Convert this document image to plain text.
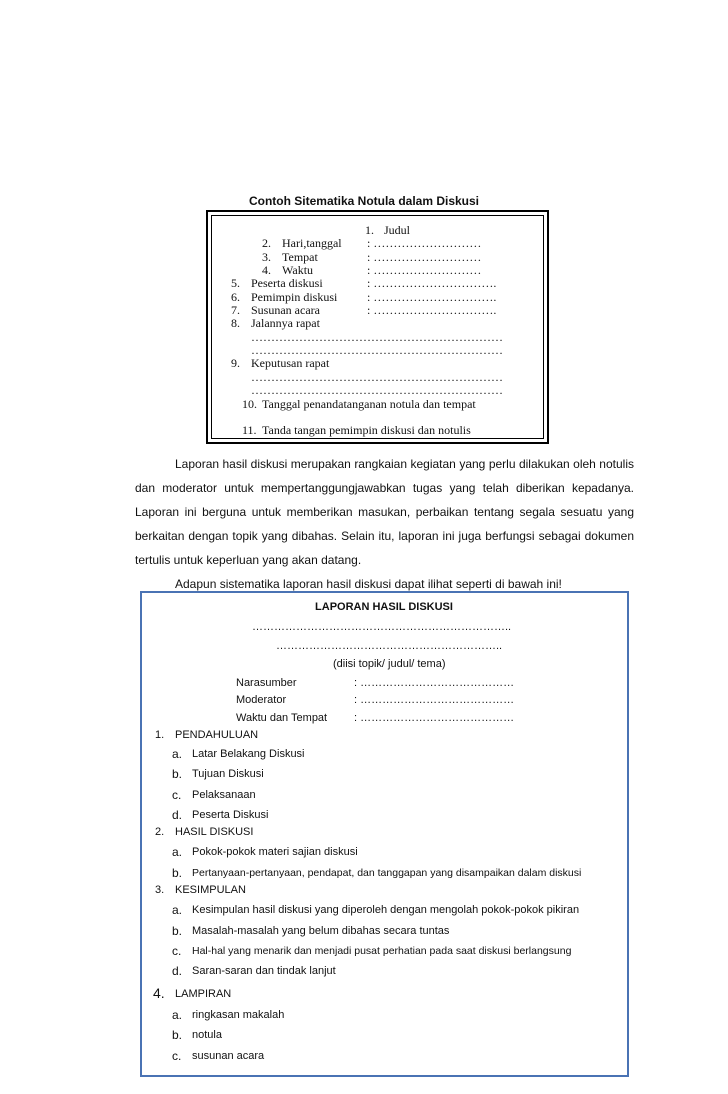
Contoh Sitematika Notula dalam Diskusi
1. Judul
2. Hari,tanggal : ………………………
3. Tempat	: ………………………
4. Waktu	: ………………………
5. Peserta diskusi	: ………………………….
6. Pemimpin diskusi : ………………………….
7. Susunan acara	: ………………………….
8. Jalannya rapat
………………………………………………………
………………………………………………………
9. Keputusan rapat
………………………………………………………
………………………………………………………
10. Tanggal penandatanganan notula dan tempat
11. Tanda tangan pemimpin diskusi dan notulis

Laporan hasil diskusi merupakan rangkaian kegiatan yang perlu dilakukan oleh notulis dan moderator untuk mempertanggungjawabkan tugas yang telah diberikan kepadanya. Laporan ini berguna untuk memberikan masukan, perbaikan tentang segala sesuatu yang berkaitan dengan topik yang dibahas. Selain itu, laporan ini juga berfungsi sebagai dokumen tertulis untuk keperluan yang akan datang.

Adapun sistematika laporan hasil diskusi dapat ilihat seperti di bawah ini!

LAPORAN HASIL DISKUSI
……………………………………………………………..
……………………………………………………..
(diisi topik/ judul/ tema)
Narasumber	: ……………………………………
Moderator	: ……………………………………
Waktu dan Tempat : ……………………………………
1. PENDAHULUAN
a. Latar Belakang Diskusi
b. Tujuan Diskusi
c. Pelaksanaan
d. Peserta Diskusi
2. HASIL DISKUSI
a. Pokok-pokok materi sajian diskusi
b. Pertanyaan-pertanyaan, pendapat, dan tanggapan yang disampaikan dalam diskusi
3. KESIMPULAN
a. Kesimpulan hasil diskusi yang diperoleh dengan mengolah pokok-pokok pikiran
b. Masalah-masalah yang belum dibahas secara tuntas
c. Hal-hal yang menarik dan menjadi pusat perhatian pada saat diskusi berlangsung
d. Saran-saran dan tindak lanjut
4. LAMPIRAN
a. ringkasan makalah
b. notula
c. susunan acara
